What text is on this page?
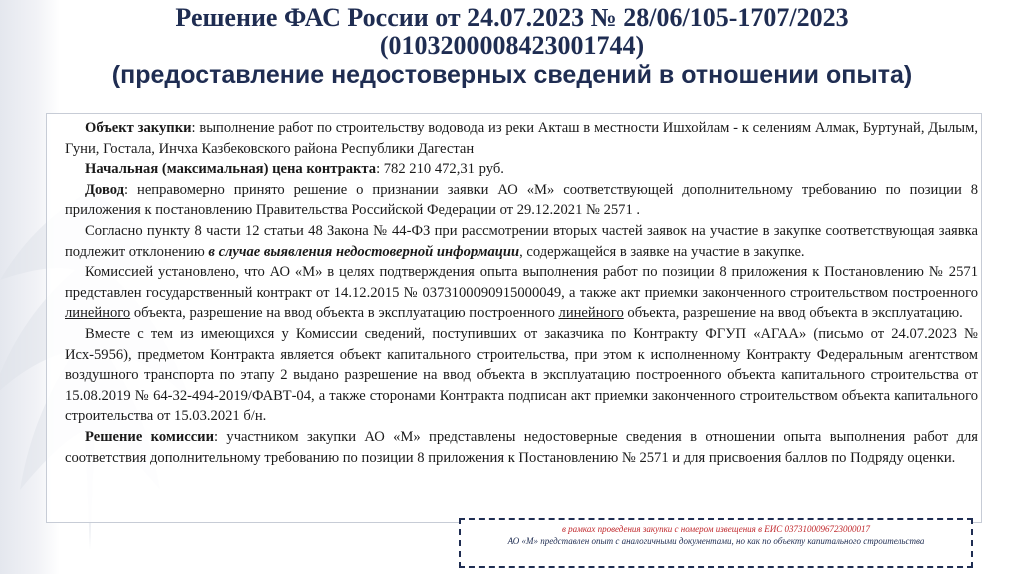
Решение ФАС России от 24.07.2023 № 28/06/105-1707/2023
(0103200008423001744)
(предоставление недостоверных сведений в отношении опыта)

Объект закупки: выполнение работ по строительству водовода из реки Акташ в местности Ишхойлам - к селениям Алмак, Буртунай, Дылым, Гуни, Гостала, Инчха Казбековского района Республики Дагестан

Начальная (максимальная) цена контракта: 782 210 472,31 руб.

Довод: неправомерно принято решение о признании заявки АО «М» соответствующей дополнительному требованию по позиции 8 приложения к постановлению Правительства Российской Федерации от 29.12.2021 № 2571 .

Согласно пункту 8 части 12 статьи 48 Закона № 44-ФЗ при рассмотрении вторых частей заявок на участие в закупке соответствующая заявка подлежит отклонению в случае выявления недостоверной информации, содержащейся в заявке на участие в закупке.

Комиссией установлено, что АО «М» в целях подтверждения опыта выполнения работ по позиции 8 приложения к Постановлению № 2571 представлен государственный контракт от 14.12.2015 № 0373100090915000049, а также акт приемки законченного строительством построенного линейного объекта, разрешение на ввод объекта в эксплуатацию построенного линейного объекта, разрешение на ввод объекта в эксплуатацию.

Вместе с тем из имеющихся у Комиссии сведений, поступивших от заказчика по Контракту ФГУП «АГАА» (письмо от 24.07.2023 № Исх-5956), предметом Контракта является объект капитального строительства, при этом к исполненному Контракту Федеральным агентством воздушного транспорта по этапу 2 выдано разрешение на ввод объекта в эксплуатацию построенного объекта капитального строительства от 15.08.2019 № 64-32-494-2019/ФАВТ-04, а также сторонами Контракта подписан акт приемки законченного строительством объекта капитального строительства от 15.03.2021 б/н.

Решение комиссии: участником закупки АО «М» представлены недостоверные сведения в отношении опыта выполнения работ для соответствия дополнительному требованию по позиции 8 приложения к Постановлению № 2571 и для присвоения баллов по Подряду оценки.

в рамках проведения закупки с номером извещения в ЕИС 0373100096723000017
АО «М» представлен опыт с аналогичными документами, но как по объекту капитального строительства
